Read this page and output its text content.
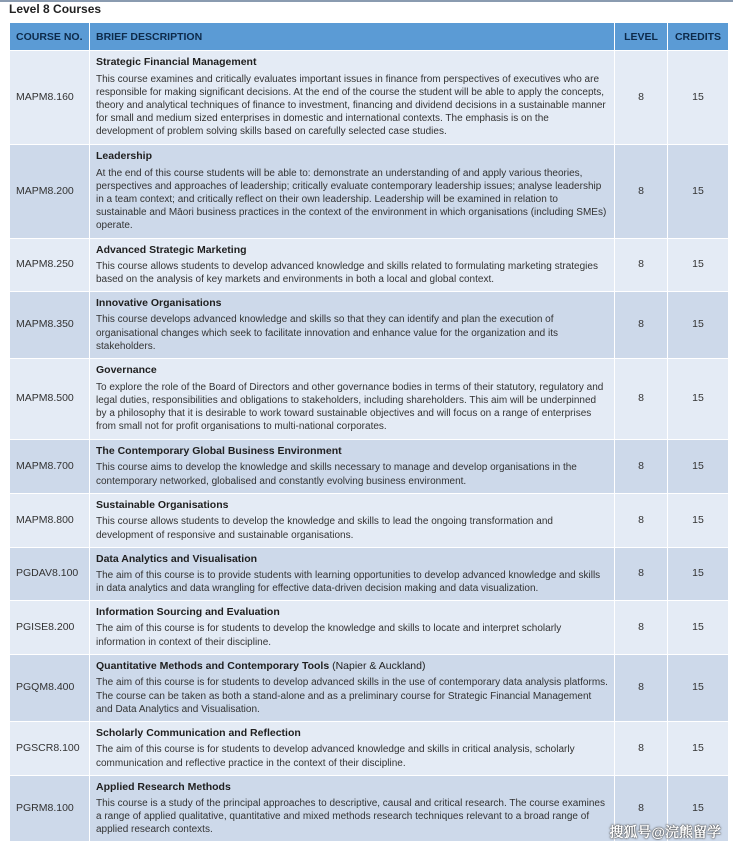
Level 8 Courses
COURSE NO.	BRIEF DESCRIPTION	LEVEL	CREDITS
MAPM8.160	Strategic Financial Management
This course examines and critically evaluates important issues in finance from perspectives of executives who are responsible for making significant decisions. At the end of the course the student will be able to apply the concepts, theory and analytical techniques of finance to investment, financing and dividend decisions in a sustainable manner for small and medium sized enterprises in domestic and international contexts. The emphasis is on the development of problem solving skills based on carefully selected case studies.	8	15
MAPM8.200	Leadership
At the end of this course students will be able to: demonstrate an understanding of and apply various theories, perspectives and approaches of leadership; critically evaluate contemporary leadership issues; analyse leadership in a team context; and critically reflect on their own leadership. Leadership will be examined in relation to sustainable and Māori business practices in the context of the environment in which organisations (including SMEs) operate.	8	15
MAPM8.250	Advanced Strategic Marketing
This course allows students to develop advanced knowledge and skills related to formulating marketing strategies based on the analysis of key markets and environments in both a local and global context.	8	15
MAPM8.350	Innovative Organisations
This course develops advanced knowledge and skills so that they can identify and plan the execution of organisational changes which seek to facilitate innovation and enhance value for the organization and its stakeholders.	8	15
MAPM8.500	Governance
To explore the role of the Board of Directors and other governance bodies in terms of their statutory, regulatory and legal duties, responsibilities and obligations to stakeholders, including shareholders. This aim will be underpinned by a philosophy that it is desirable to work toward sustainable objectives and will focus on a range of enterprises from small not for profit organisations to multi-national corporates.	8	15
MAPM8.700	The Contemporary Global Business Environment
This course aims to develop the knowledge and skills necessary to manage and develop organisations in the contemporary networked, globalised and constantly evolving business environment.	8	15
MAPM8.800	Sustainable Organisations
This course allows students to develop the knowledge and skills to lead the ongoing transformation and development of responsive and sustainable organisations.	8	15
PGDAV8.100	Data Analytics and Visualisation
The aim of this course is to provide students with learning opportunities to develop advanced knowledge and skills in data analytics and data wrangling for effective data-driven decision making and data visualization.	8	15
PGISE8.200	Information Sourcing and Evaluation
The aim of this course is for students to develop the knowledge and skills to locate and interpret scholarly information in context of their discipline.	8	15
PGQM8.400	Quantitative Methods and Contemporary Tools (Napier & Auckland)
The aim of this course is for students to develop advanced skills in the use of contemporary data analysis platforms. The course can be taken as both a stand-alone and as a preliminary course for Strategic Financial Management and Data Analytics and Visualisation.	8	15
PGSCR8.100	Scholarly Communication and Reflection
The aim of this course is for students to develop advanced knowledge and skills in critical analysis, scholarly communication and reflective practice in the context of their discipline.	8	15
PGRM8.100	Applied Research Methods
This course is a study of the principal approaches to descriptive, causal and critical research. The course examines a range of applied qualitative, quantitative and mixed methods research techniques relevant to a broad range of applied research contexts.	8	15
搜狐号@浣熊留学
